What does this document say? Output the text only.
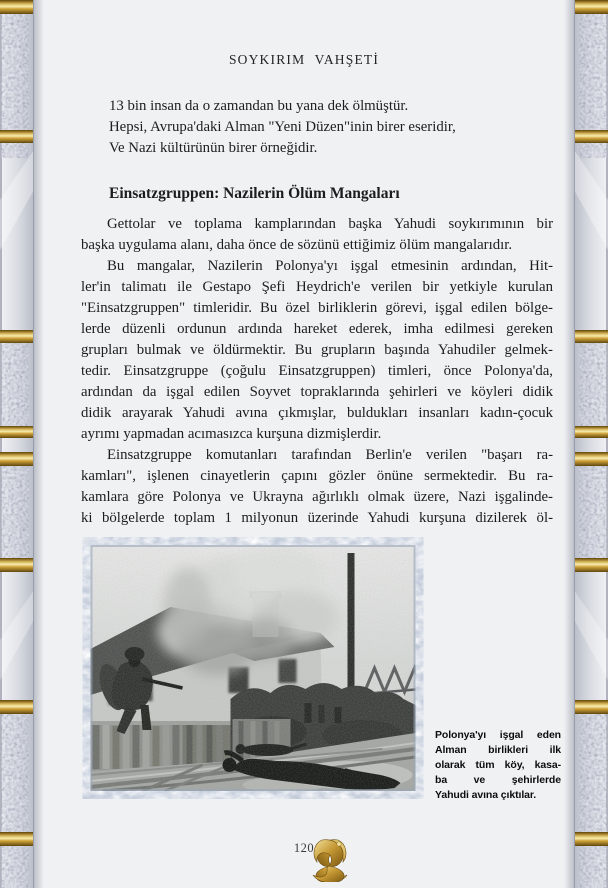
SOYKIRIM VAHŞETİ
13 bin insan da o zamandan bu yana dek ölmüştür.
Hepsi, Avrupa'daki Alman "Yeni Düzen"inin birer eseridir,
Ve Nazi kültürünün birer örneğidir.
Einsatzgruppen: Nazilerin Ölüm Mangaları
Gettolar ve toplama kamplarından başka Yahudi soykırımının bir
başka uygulama alanı, daha önce de sözünü ettiğimiz ölüm mangalarıdır.
Bu mangalar, Nazilerin Polonya'yı işgal etmesinin ardından, Hit-
ler'in talimatı ile Gestapo Şefi Heydrich'e verilen bir yetkiyle kurulan
"Einsatzgruppen" timleridir. Bu özel birliklerin görevi, işgal edilen bölge-
lerde düzenli ordunun ardında hareket ederek, imha edilmesi gereken
grupları bulmak ve öldürmektir. Bu grupların başında Yahudiler gelmek-
tedir. Einsatzgruppe (çoğulu Einsatzgruppen) timleri, önce Polonya'da,
ardından da işgal edilen Soyvet topraklarında şehirleri ve köyleri didik
didik arayarak Yahudi avına çıkmışlar, buldukları insanları kadın-çocuk
ayrımı yapmadan acımasızca kurşuna dizmişlerdir.
Einsatzgruppe komutanları tarafından Berlin'e verilen "başarı ra-
kamları", işlenen cinayetlerin çapını gözler önüne sermektedir. Bu ra-
kamlara göre Polonya ve Ukrayna ağırlıklı olmak üzere, Nazi işgalinde-
ki bölgelerde toplam 1 milyonun üzerinde Yahudi kurşuna dizilerek öl-
Polonya'yı işgal eden
Alman birlikleri ilk
olarak tüm köy, kasa-
ba ve şehirlerde
Yahudi avına çıktılar.
120
